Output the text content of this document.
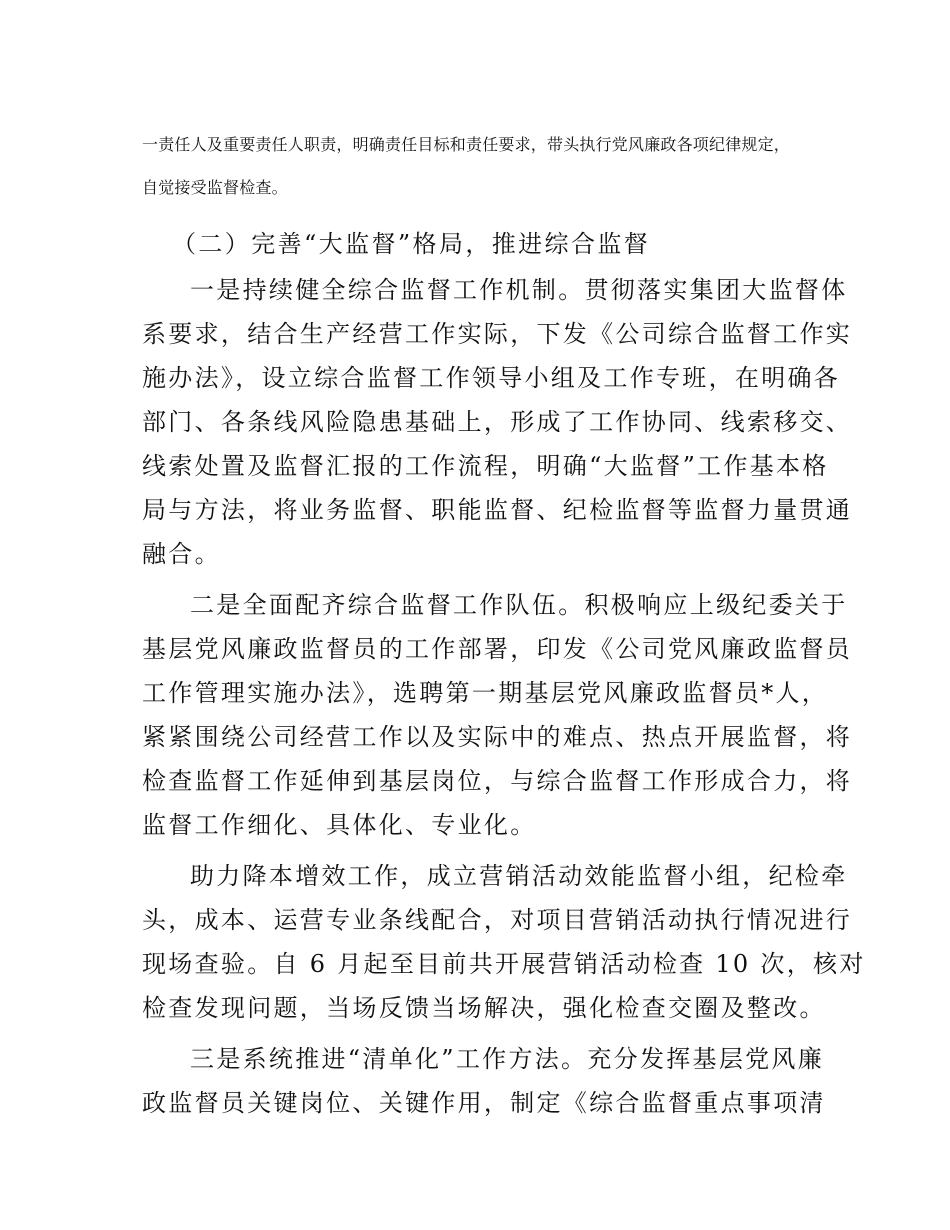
一责任人及重要责任人职责，明确责任目标和责任要求，带头执行党风廉政各项纪律规定，
自觉接受监督检查。
（二）完善“大监督”格局，推进综合监督
一是持续健全综合监督工作机制。贯彻落实集团大监督体
系要求，结合生产经营工作实际，下发《公司综合监督工作实
施办法》，设立综合监督工作领导小组及工作专班，在明确各
部门、各条线风险隐患基础上，形成了工作协同、线索移交、
线索处置及监督汇报的工作流程，明确“大监督”工作基本格
局与方法，将业务监督、职能监督、纪检监督等监督力量贯通
融合。
二是全面配齐综合监督工作队伍。积极响应上级纪委关于
基层党风廉政监督员的工作部署，印发《公司党风廉政监督员
工作管理实施办法》，选聘第一期基层党风廉政监督员*人，
紧紧围绕公司经营工作以及实际中的难点、热点开展监督，将
检查监督工作延伸到基层岗位，与综合监督工作形成合力，将
监督工作细化、具体化、专业化。
助力降本增效工作，成立营销活动效能监督小组，纪检牵
头，成本、运营专业条线配合，对项目营销活动执行情况进行
现场查验。自 6 月起至目前共开展营销活动检查 10 次，核对
检查发现问题，当场反馈当场解决，强化检查交圈及整改。
三是系统推进“清单化”工作方法。充分发挥基层党风廉
政监督员关键岗位、关键作用，制定《综合监督重点事项清
